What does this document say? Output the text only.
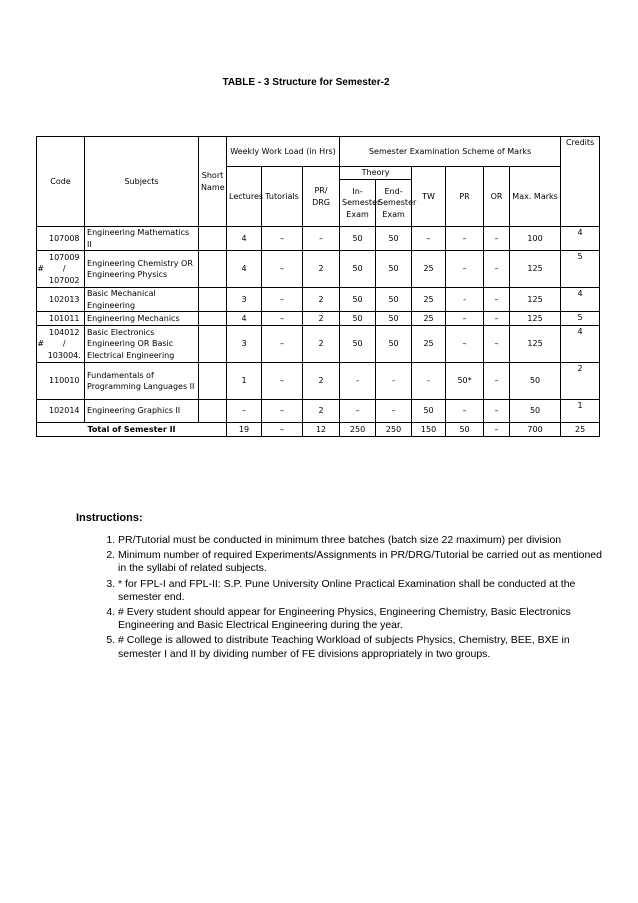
TABLE - 3 Structure for Semester-2
Code		Subjects	Short Name	Weekly Work Load (in Hrs)			Semester Examination Scheme of Marks						Credits
				Lectures	Tutorials	PR/ DRG	Theory		TW	PR	OR	Max. Marks	
							In- Semester Exam	End- Semester Exam					
	107008	Engineering Mathematics II		4	–	–	50	50	–	–	–	100	4
#	107009 / 107002	Engineering Chemistry OR Engineering Physics		4	–	2	50	50	25	–	–	125	5
	102013	Basic Mechanical Engineering		3	–	2	50	50	25	-	–	125	4
	101011	Engineering Mechanics		4	–	2	50	50	25	–	–	125	5
#	104012 / 103004.	Basic Electronics Engineering OR Basic Electrical Engineering		3	–	2	50	50	25	–	–	125	4
	110010	Fundamentals of Programming Languages II		1	–	2	-	-	-	50*	–	50	2
	102014	Engineering Graphics II		–	–	2	–	–	50	–	–	50	1
Total of Semester II				19	–	12	250	250	150	50	–	700	25
Instructions:
1. PR/Tutorial must be conducted in minimum three batches (batch size 22 maximum) per division
2. Minimum number of required Experiments/Assignments in PR/DRG/Tutorial be carried out as mentioned in the syllabi of related subjects.
3. * for FPL-I and FPL-II: S.P. Pune University Online Practical Examination shall be conducted at the semester end.
4. # Every student should appear for Engineering Physics, Engineering Chemistry, Basic Electronics Engineering and Basic Electrical Engineering during the year.
5. # College is allowed to distribute Teaching Workload of subjects Physics, Chemistry, BEE, BXE in semester I and II by dividing number of FE divisions appropriately in two groups.
